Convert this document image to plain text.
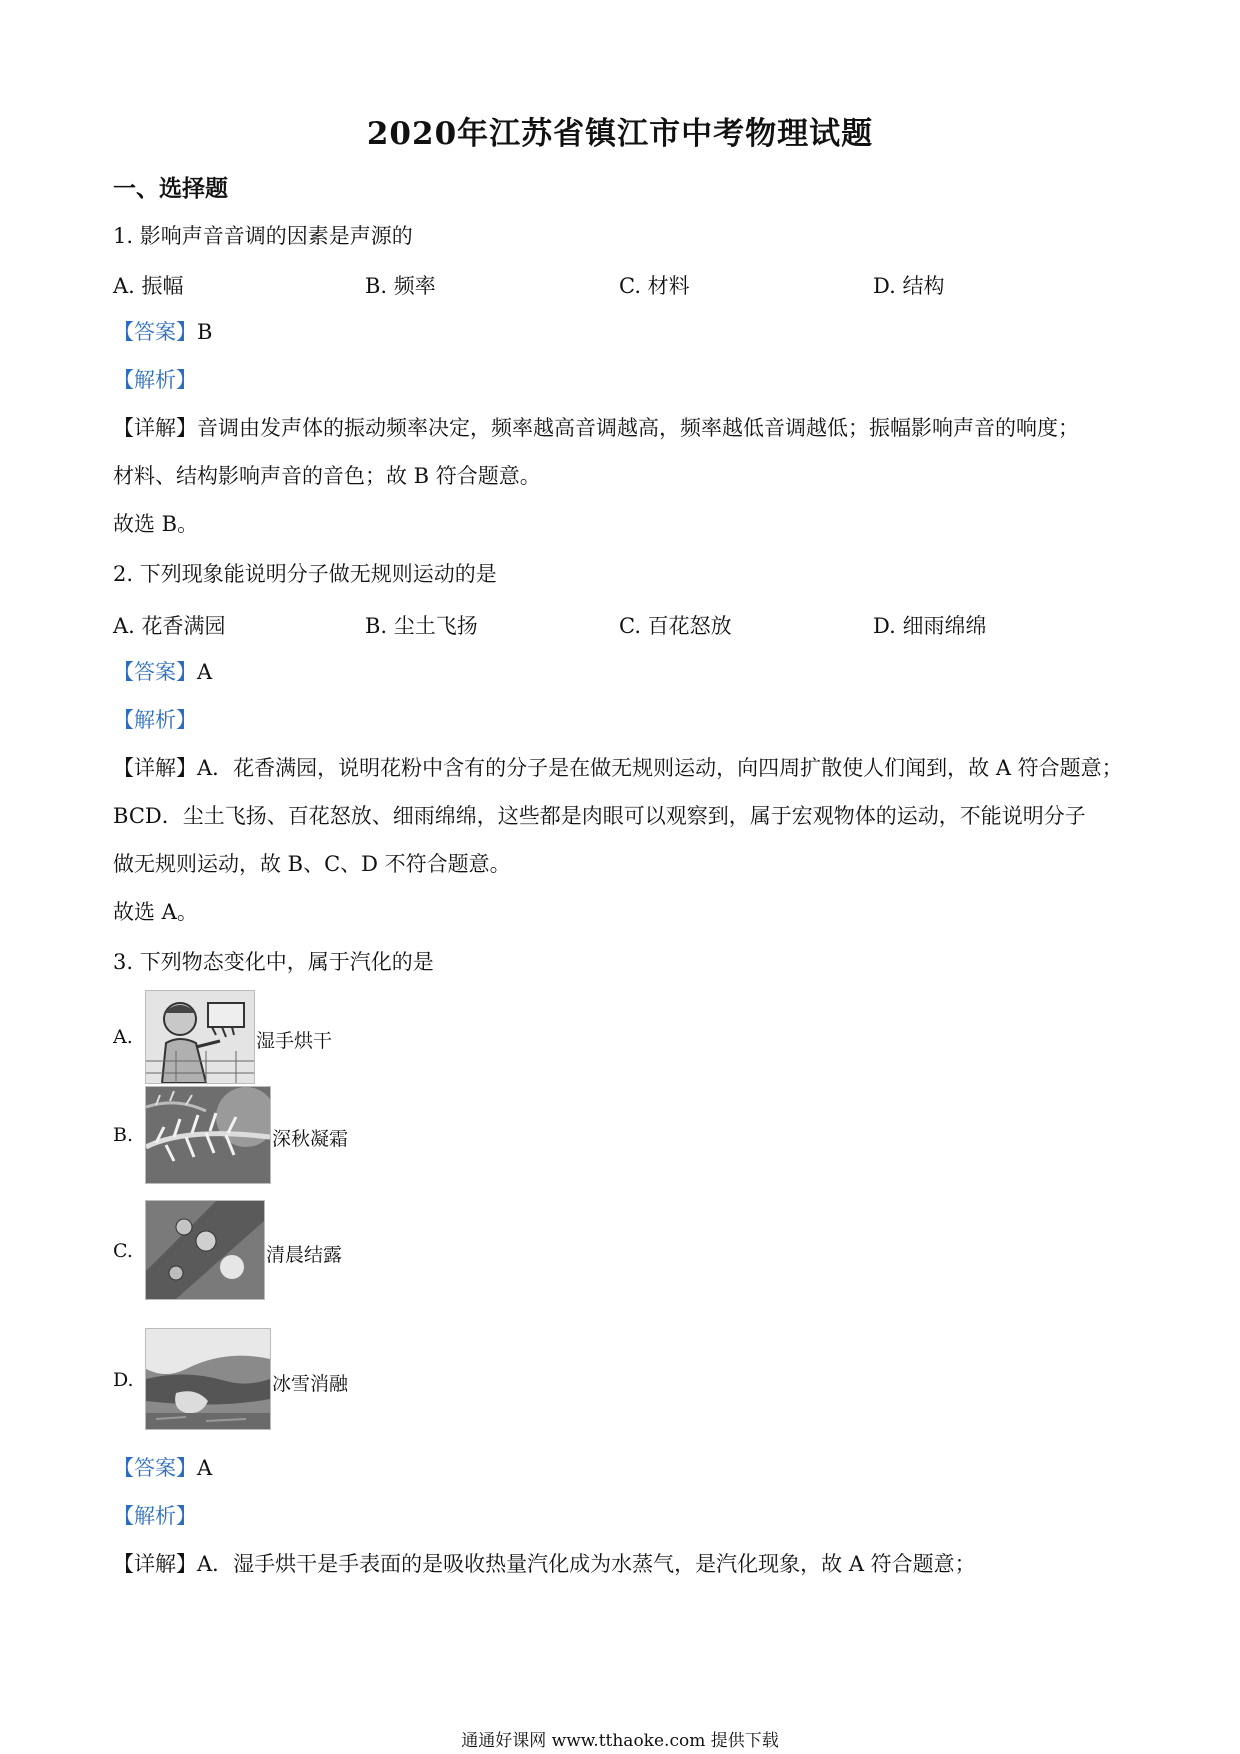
2020年江苏省镇江市中考物理试题
一、选择题
1. 影响声音音调的因素是声源的
A. 振幅	B. 频率	C. 材料	D. 结构
【答案】B
【解析】
【详解】音调由发声体的振动频率决定，频率越高音调越高，频率越低音调越低；振幅影响声音的响度；
材料、结构影响声音的音色；故 B 符合题意。
故选 B。
2. 下列现象能说明分子做无规则运动的是
A. 花香满园	B. 尘土飞扬	C. 百花怒放	D. 细雨绵绵
【答案】A
【解析】
【详解】A．花香满园，说明花粉中含有的分子是在做无规则运动，向四周扩散使人们闻到，故 A 符合题意；
BCD．尘土飞扬、百花怒放、细雨绵绵，这些都是肉眼可以观察到，属于宏观物体的运动，不能说明分子
做无规则运动，故 B、C、D 不符合题意。
故选 A。
3. 下列物态变化中，属于汽化的是
A.	湿手烘干
B.	深秋凝霜
C.	清晨结露
D.	冰雪消融
【答案】A
【解析】
【详解】A．湿手烘干是手表面的是吸收热量汽化成为水蒸气，是汽化现象，故 A 符合题意；
通通好课网 www.tthaoke.com 提供下载
